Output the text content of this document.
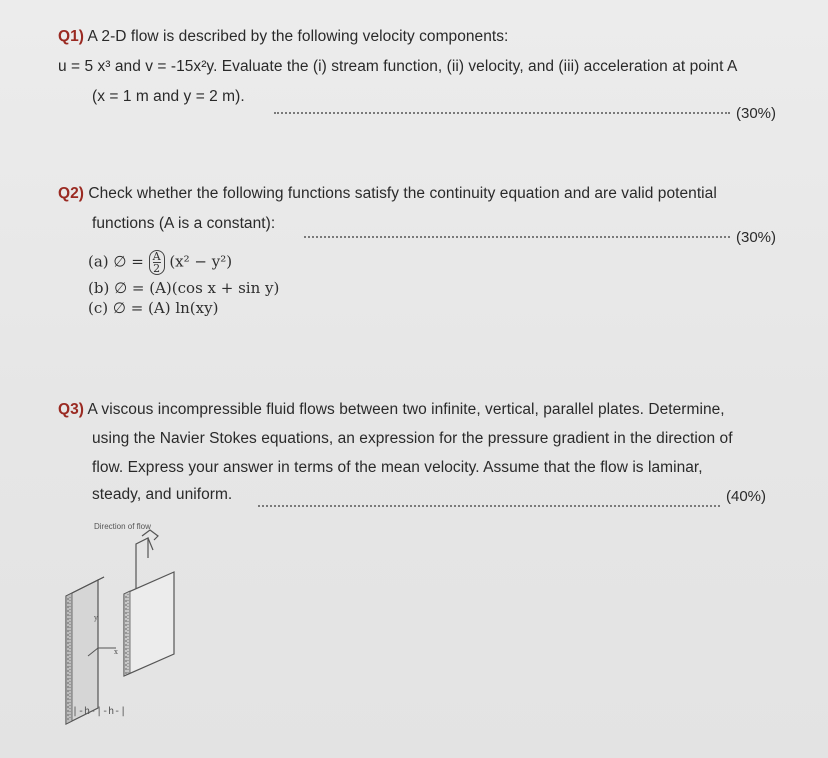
Q1) A 2-D flow is described by the following velocity components:
u = 5 x³ and v = -15x²y. Evaluate the (i) stream function, (ii) velocity, and (iii) acceleration at point A
(x = 1 m and y = 2 m).
(30%)
Q2) Check whether the following functions satisfy the continuity equation and are valid potential
functions (A is a constant):
(30%)
(a) ∅ = $\frac{A}{2} (x^2 - y^2)$
(b) ∅ = (A)(cos x + sin y)
(c) ∅ = (A) ln(xy)
Q3) A viscous incompressible fluid flows between two infinite, vertical, parallel plates. Determine,
using the Navier Stokes equations, an expression for the pressure gradient in the direction of
flow. Express your answer in terms of the mean velocity. Assume that the flow is laminar,
steady, and uniform.	(40%)
Direction of flow
y
x
|-h-|-h-|
